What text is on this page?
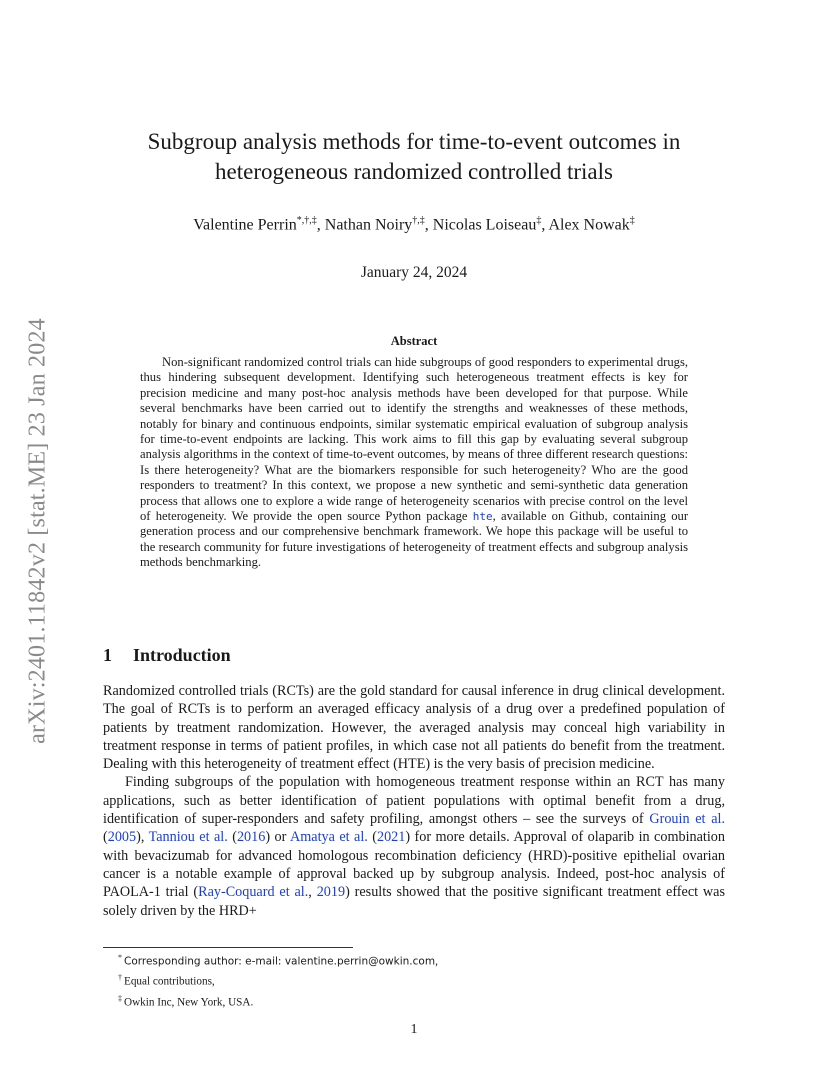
arXiv:2401.11842v2 [stat.ME] 23 Jan 2024
Subgroup analysis methods for time-to-event outcomes in
heterogeneous randomized controlled trials
Valentine Perrin*,†,‡, Nathan Noiry†,‡, Nicolas Loiseau‡, Alex Nowak‡
January 24, 2024
Abstract
Non-significant randomized control trials can hide subgroups of good responders to experimental drugs, thus hindering subsequent development. Identifying such heterogeneous treatment effects is key for precision medicine and many post-hoc analysis methods have been developed for that purpose. While several benchmarks have been carried out to identify the strengths and weaknesses of these methods, notably for binary and continuous endpoints, similar systematic empirical evaluation of subgroup analysis for time-to-event endpoints are lacking. This work aims to fill this gap by evaluating several subgroup analysis algorithms in the context of time-to-event outcomes, by means of three different research questions: Is there heterogeneity? What are the biomarkers responsible for such heterogeneity? Who are the good responders to treatment? In this context, we propose a new synthetic and semi-synthetic data generation process that allows one to explore a wide range of heterogeneity scenarios with precise control on the level of heterogeneity. We provide the open source Python package hte, available on Github, containing our generation process and our comprehensive benchmark framework. We hope this package will be useful to the research community for future investigations of heterogeneity of treatment effects and subgroup analysis methods benchmarking.
1 Introduction

Randomized controlled trials (RCTs) are the gold standard for causal inference in drug clinical development. The goal of RCTs is to perform an averaged efficacy analysis of a drug over a predefined population of patients by treatment randomization. However, the averaged analysis may conceal high variability in treatment response in terms of patient profiles, in which case not all patients do benefit from the treatment. Dealing with this heterogeneity of treatment effect (HTE) is the very basis of precision medicine.

Finding subgroups of the population with homogeneous treatment response within an RCT has many applications, such as better identification of patient populations with optimal benefit from a drug, identification of super-responders and safety profiling, amongst others – see the surveys of Grouin et al. (2005), Tanniou et al. (2016) or Amatya et al. (2021) for more details. Approval of olaparib in combination with bevacizumab for advanced homologous recombination deficiency (HRD)-positive epithelial ovarian cancer is a notable example of approval backed up by subgroup analysis. Indeed, post-hoc analysis of PAOLA-1 trial (Ray-Coquard et al., 2019) results showed that the positive significant treatment effect was solely driven by the HRD+

* Corresponding author: e-mail: valentine.perrin@owkin.com,
† Equal contributions,
‡ Owkin Inc, New York, USA.
1
